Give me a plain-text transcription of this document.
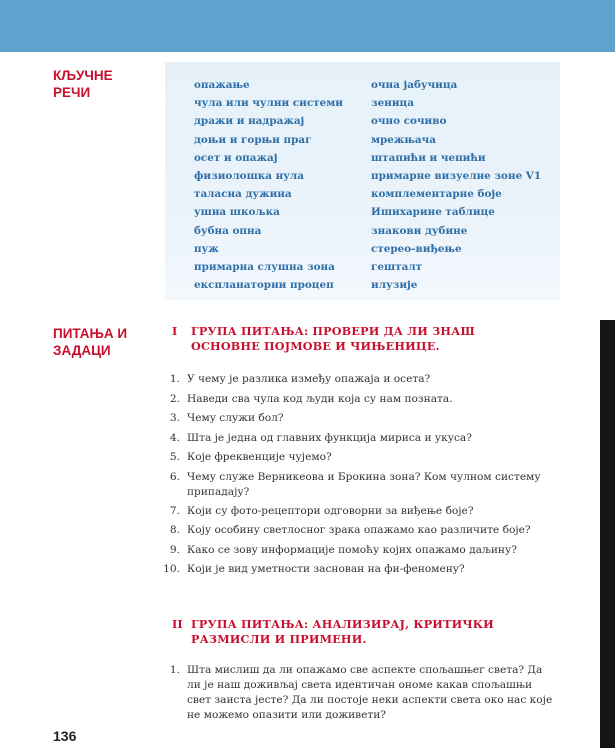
КЉУЧНЕ
РЕЧИ	опажање
чула или чулни системи
дражи и надражај
доњи и горњи праг
осет и опажај
физиолошка нула
таласна дужина
ушна шкољка
бубна опна
пуж
примарна слушна зона
експланаторни процеп
очна јабучица
зеница
очно сочиво
мрежњача
штапићи и чепићи
примарне визуелне зоне V1
комплементарне боје
Ишихарине таблице
знакови дубине
стерео-виђење
гешталт
илузије
ПИТАЊА И
ЗАДАЦИ
I ГРУПА ПИТАЊА: ПРОВЕРИ ДА ЛИ ЗНАШ ОСНОВНЕ ПОЈМОВЕ И ЧИЊЕНИЦЕ.
1. У чему је разлика између опажаја и осета?
2. Наведи сва чула код људи која су нам позната.
3. Чему служи бол?
4. Шта је једна од главних функција мириса и укуса?
5. Које фреквенције чујемо?
6. Чему служе Верникеова и Брокина зона? Ком чулном систему припадају?
7. Који су фото-рецептори одговорни за виђење боје?
8. Коју особину светлосног зрака опажамо као различите боје?
9. Како се зову информације помоћу којих опажамо даљину?
10. Који је вид уметности заснован на фи-феномену?
II ГРУПА ПИТАЊА: АНАЛИЗИРАЈ, КРИТИЧКИ РАЗМИСЛИ И ПРИМЕНИ.
1. Шта мислиш да ли опажамо све аспекте спољашњег света? Да ли је наш доживљај света идентичан ономе какав спољашњи свет заиста јесте? Да ли постоје неки аспекти света око нас које не можемо опазити или доживети?
136
